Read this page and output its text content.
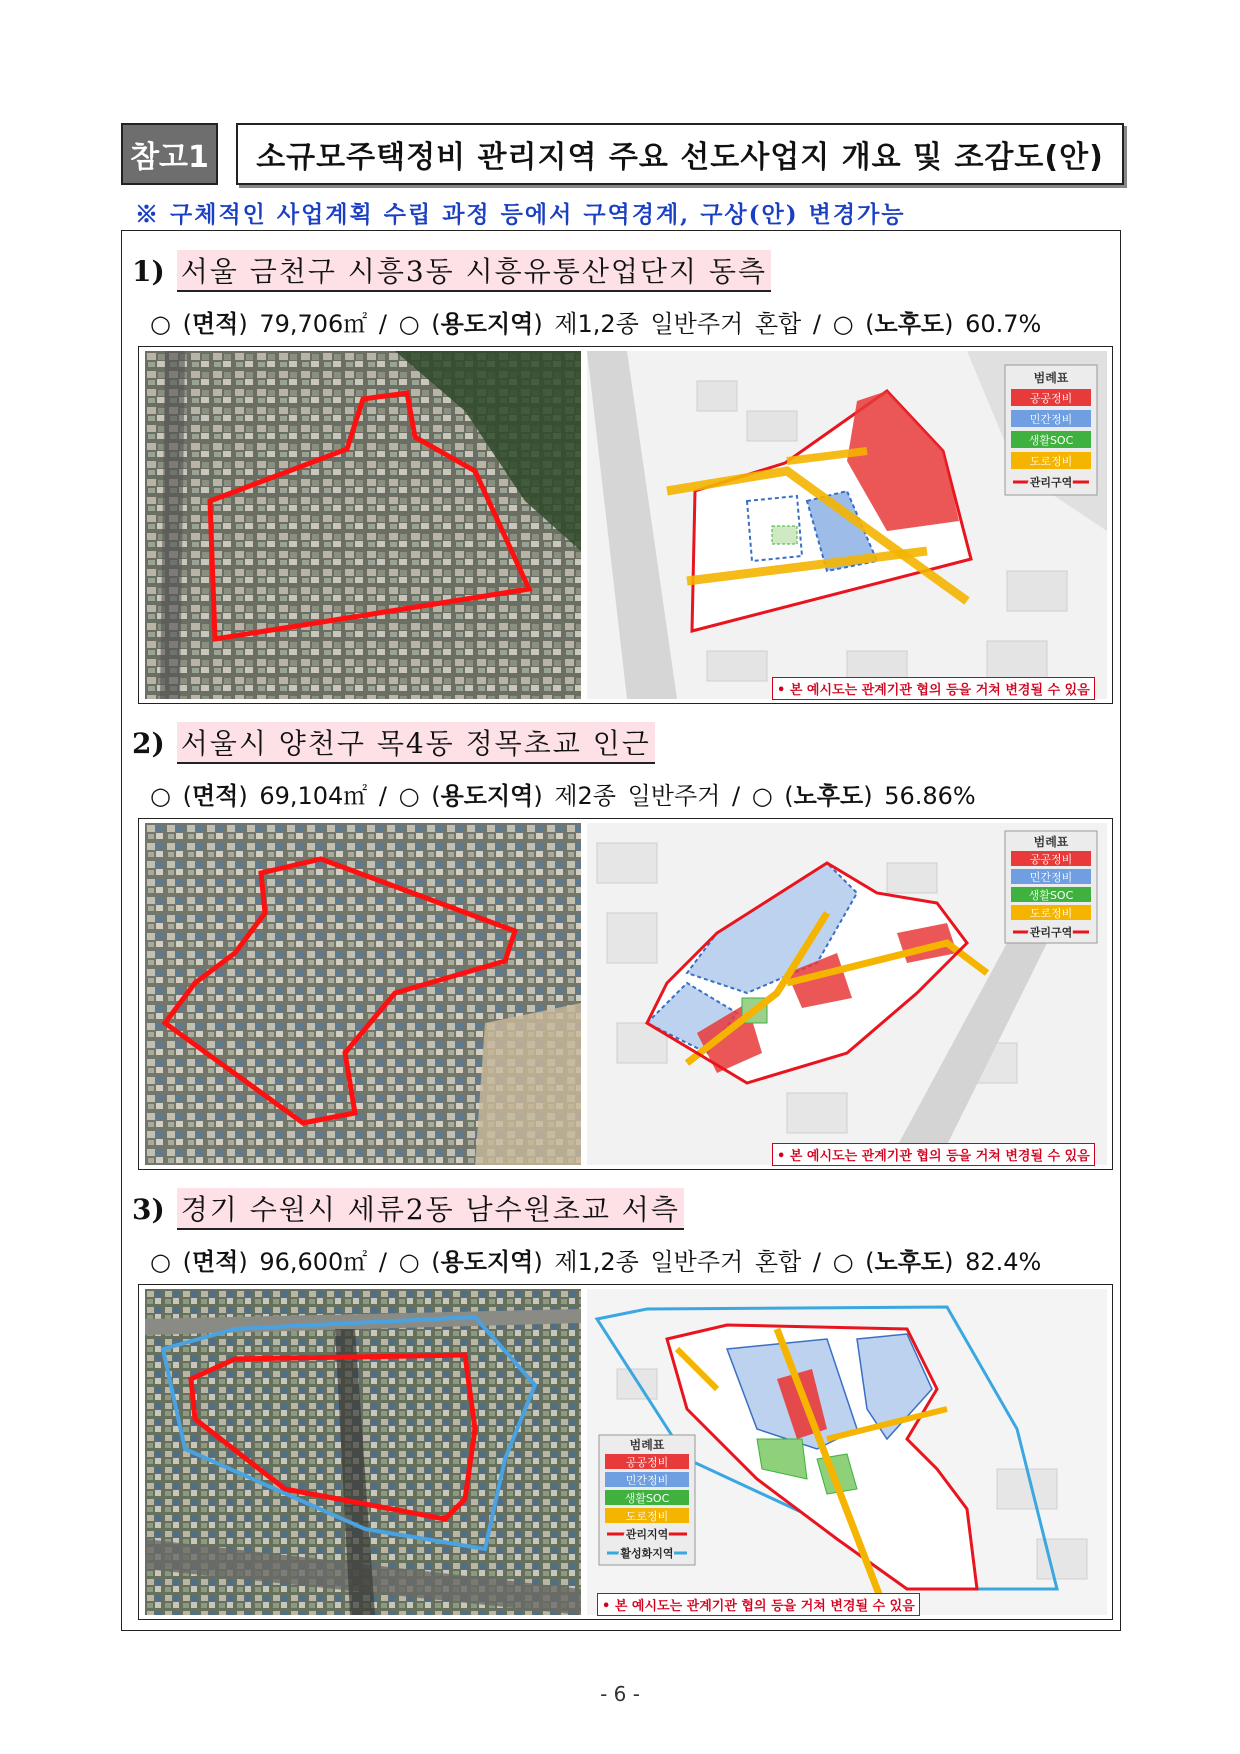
참고1	소규모주택정비 관리지역 주요 선도사업지 개요 및 조감도(안)
※ 구체적인 사업계획 수립 과정 등에서 구역경계, 구상(안) 변경가능
1) 서울 금천구 시흥3동 시흥유통산업단지 동측
○ (면적) 79,706㎡ / ○ (용도지역) 제1,2종 일반주거 혼합 / ○ (노후도) 60.7%
범례표
공공정비
민간정비
생활SOC
도로정비
관리구역
• 본 예시도는 관계기관 협의 등을 거쳐 변경될 수 있음
2) 서울시 양천구 목4동 정목초교 인근
○ (면적) 69,104㎡ / ○ (용도지역) 제2종 일반주거 / ○ (노후도) 56.86%
범례표
공공정비
민간정비
생활SOC
도로정비
관리구역
• 본 예시도는 관계기관 협의 등을 거쳐 변경될 수 있음
3) 경기 수원시 세류2동 남수원초교 서측
○ (면적) 96,600㎡ / ○ (용도지역) 제1,2종 일반주거 혼합 / ○ (노후도) 82.4%
범례표
공공정비
민간정비
생활SOC
도로정비
관리지역
활성화지역
• 본 예시도는 관계기관 협의 등을 거쳐 변경될 수 있음
- 6 -
